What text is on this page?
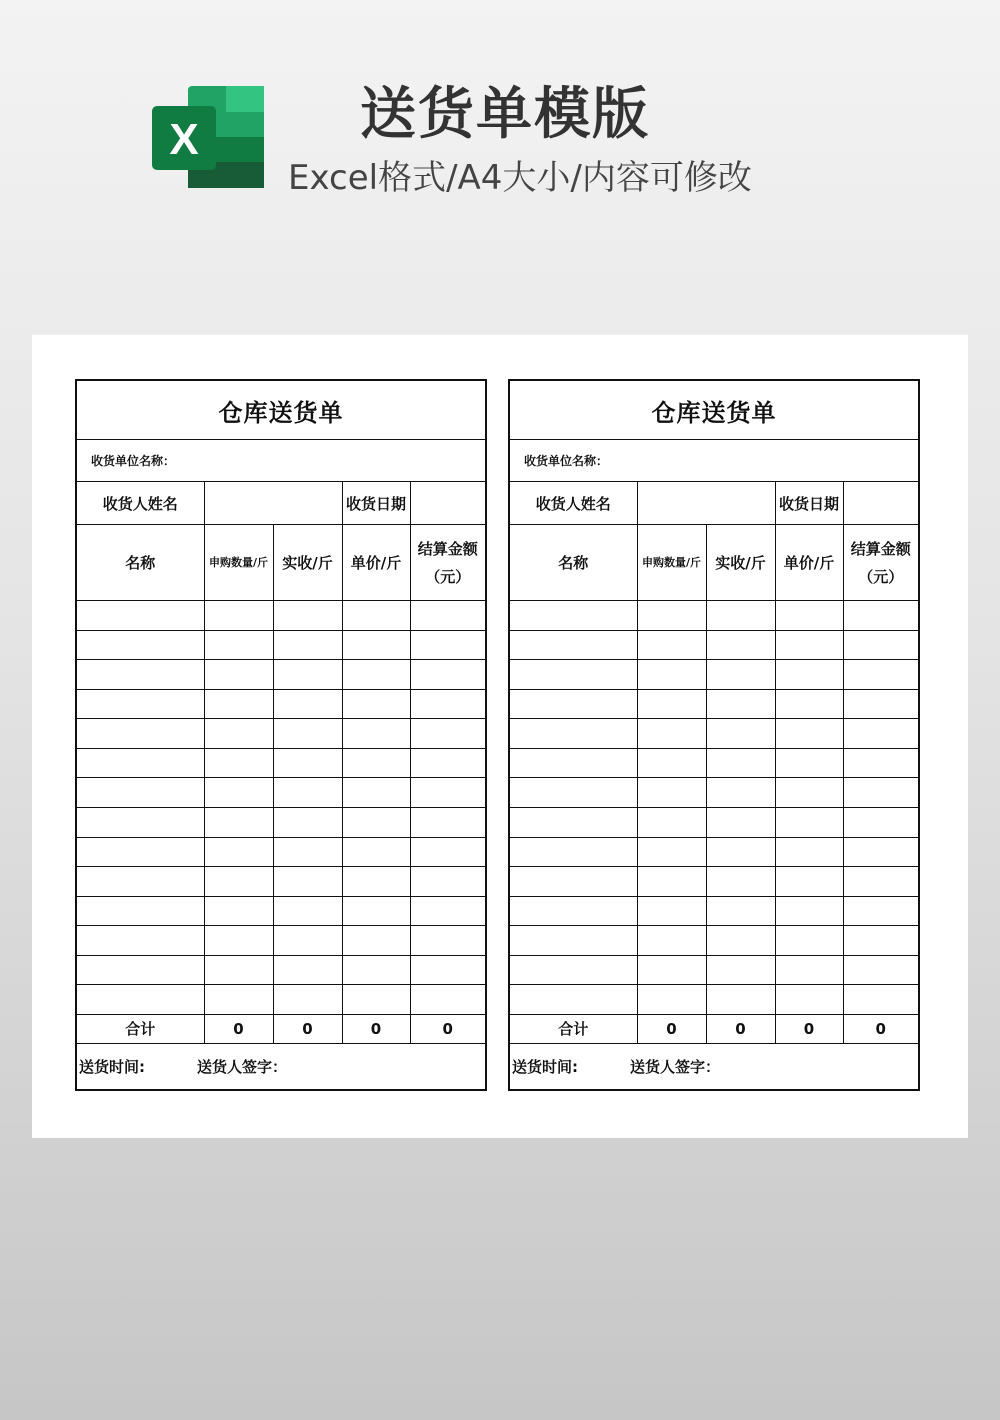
X	送货单模版
Excel格式/A4大小/内容可修改
仓库送货单				
收货单位名称：				
收货人姓名			收货日期	
名称	申购数量/斤	实收/斤	单价/斤	结算金额（元）

合计	0	0	0	0
送货时间: 送货人签字：				
仓库送货单				
收货单位名称：				
收货人姓名			收货日期	
名称	申购数量/斤	实收/斤	单价/斤	结算金额（元）

合计	0	0	0	0
送货时间: 送货人签字：				
